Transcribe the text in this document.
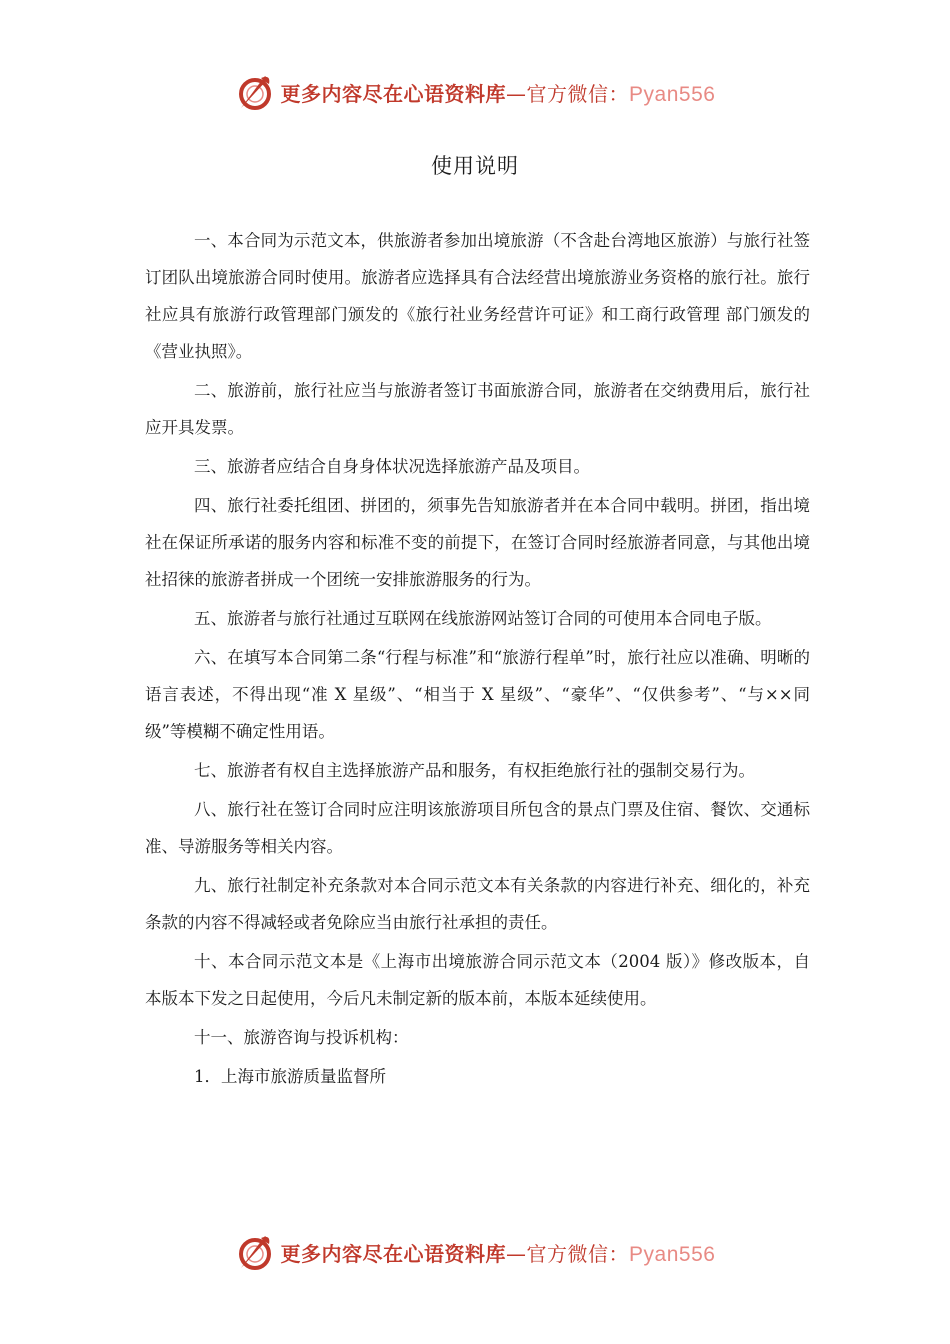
更多内容尽在心语资料库—官方微信：Pyan556
使用说明

一、本合同为示范文本，供旅游者参加出境旅游（不含赴台湾地区旅游）与旅行社签订团队出境旅游合同时使用。旅游者应选择具有合法经营出境旅游业务资格的旅行社。旅行社应具有旅游行政管理部门颁发的《旅行社业务经营许可证》和工商行政管理 部门颁发的《营业执照》。

二、旅游前，旅行社应当与旅游者签订书面旅游合同，旅游者在交纳费用后，旅行社应开具发票。

三、旅游者应结合自身身体状况选择旅游产品及项目。

四、旅行社委托组团、拼团的，须事先告知旅游者并在本合同中载明。拼团，指出境社在保证所承诺的服务内容和标准不变的前提下，在签订合同时经旅游者同意，与其他出境社招徕的旅游者拼成一个团统一安排旅游服务的行为。

五、旅游者与旅行社通过互联网在线旅游网站签订合同的可使用本合同电子版。

六、在填写本合同第二条“行程与标准”和“旅游行程单”时，旅行社应以准确、明晰的语言表述，不得出现“准 X 星级”、“相当于 X 星级”、“豪华”、“仅供参考”、“与××同级”等模糊不确定性用语。

七、旅游者有权自主选择旅游产品和服务，有权拒绝旅行社的强制交易行为。

八、旅行社在签订合同时应注明该旅游项目所包含的景点门票及住宿、餐饮、交通标准、导游服务等相关内容。

九、旅行社制定补充条款对本合同示范文本有关条款的内容进行补充、细化的，补充条款的内容不得减轻或者免除应当由旅行社承担的责任。

十、本合同示范文本是《上海市出境旅游合同示范文本（2004 版）》修改版本，自本版本下发之日起使用，今后凡未制定新的版本前，本版本延续使用。

十一、旅游咨询与投诉机构：

1．上海市旅游质量监督所

更多内容尽在心语资料库—官方微信：Pyan556
